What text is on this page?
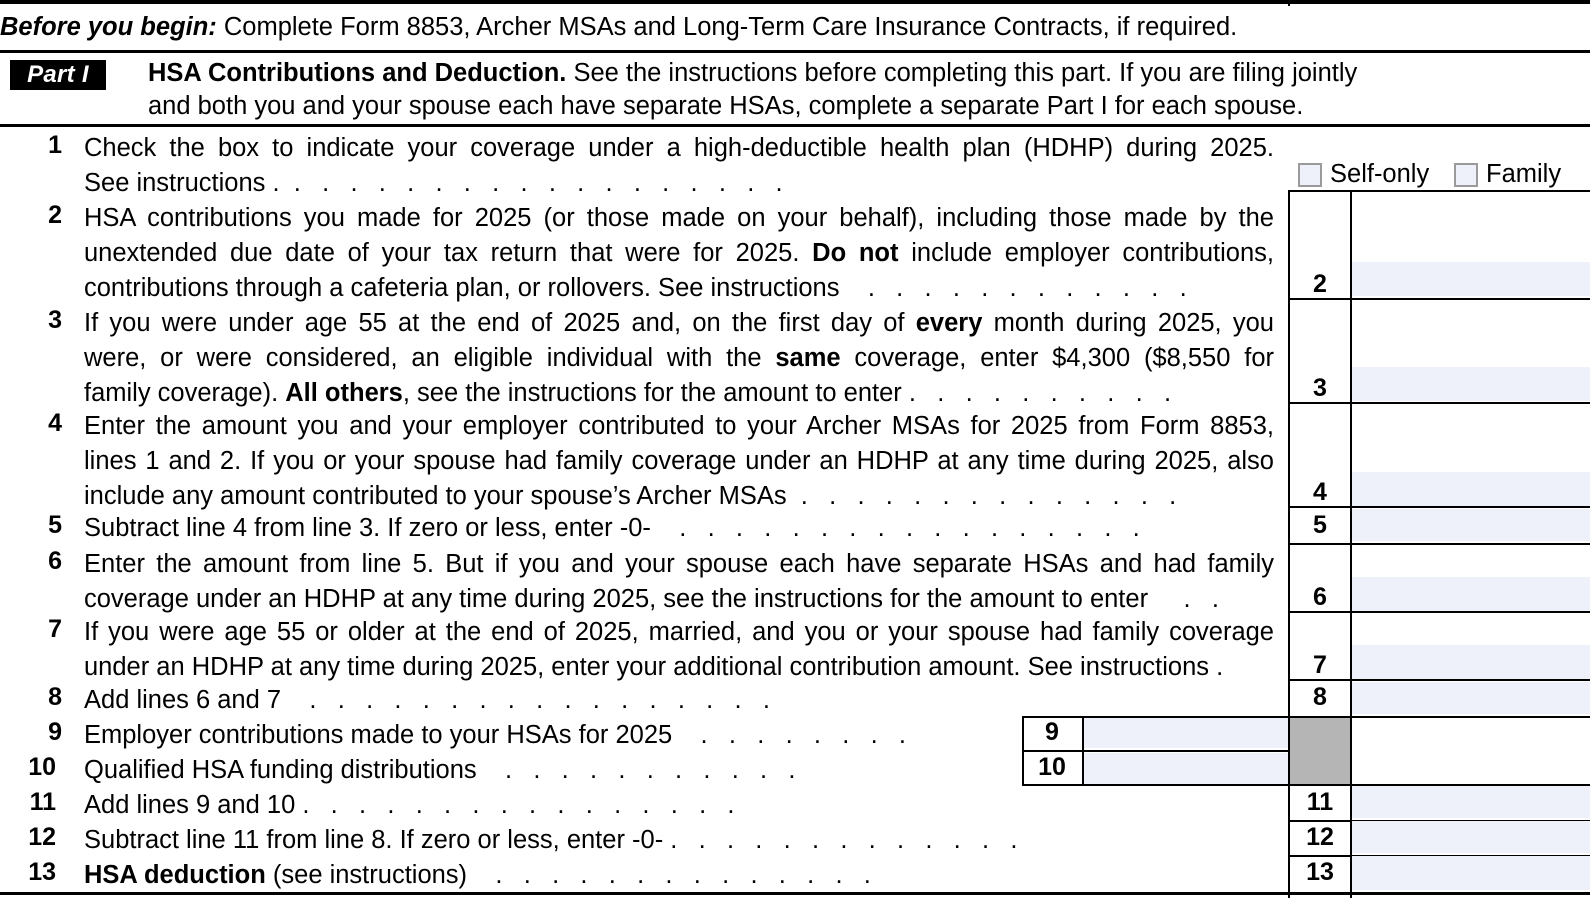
Before you begin: Complete Form 8853, Archer MSAs and Long-Term Care Insurance Contracts, if required.
Part I	HSA Contributions and Deduction. See the instructions before completing this part. If you are filing jointly
and both you and your spouse each have separate HSAs, complete a separate Part I for each spouse.
1 Check the box to indicate your coverage under a high-deductible health plan (HDHP) during 2025.
See instructions .  .   .   .   .   .   .   .   .   .   .   .   .   .   .   .   .   .   .	Self-only Family
2 HSA contributions you made for 2025 (or those made on your behalf), including those made by the
unextended due date of your tax return that were for 2025. Do not include employer contributions,
contributions through a cafeteria plan, or rollovers. See instructions    .   .   .   .   .   .   .   .   .   .   .   .	2
3 If you were under age 55 at the end of 2025 and, on the first day of every month during 2025, you
were, or were considered, an eligible individual with the same coverage, enter $4,300 ($8,550 for
family coverage). All others, see the instructions for the amount to enter .   .   .   .   .   .   .   .   .   .	3
4 Enter the amount you and your employer contributed to your Archer MSAs for 2025 from Form 8853,
lines 1 and 2. If you or your spouse had family coverage under an HDHP at any time during 2025, also
include any amount contributed to your spouse’s Archer MSAs  .   .   .   .   .   .   .   .   .   .   .   .   .   .	4
5 Subtract line 4 from line 3. If zero or less, enter -0-    .   .   .   .   .   .   .   .   .   .   .   .   .   .   .   .   .	5
6 Enter the amount from line 5. But if you and your spouse each have separate HSAs and had family
coverage under an HDHP at any time during 2025, see the instructions for the amount to enter     .   .	6
7 If you were age 55 or older at the end of 2025, married, and you or your spouse had family coverage
under an HDHP at any time during 2025, enter your additional contribution amount. See instructions .	7
8 Add lines 6 and 7    .   .   .   .   .   .   .   .   .   .   .   .   .   .   .   .   .	8
9 Employer contributions made to your HSAs for 2025    .   .   .   .   .   .   .   .	9
10 Qualified HSA funding distributions    .   .   .   .   .   .   .   .   .   .   .	10
11 Add lines 9 and 10 .   .   .   .   .   .   .   .   .   .   .   .   .   .   .   .	11
12 Subtract line 11 from line 8. If zero or less, enter -0- .   .   .   .   .   .   .   .   .   .   .   .   .	12
13 HSA deduction (see instructions)    .   .   .   .   .   .   .   .   .   .   .   .   .   .	13
